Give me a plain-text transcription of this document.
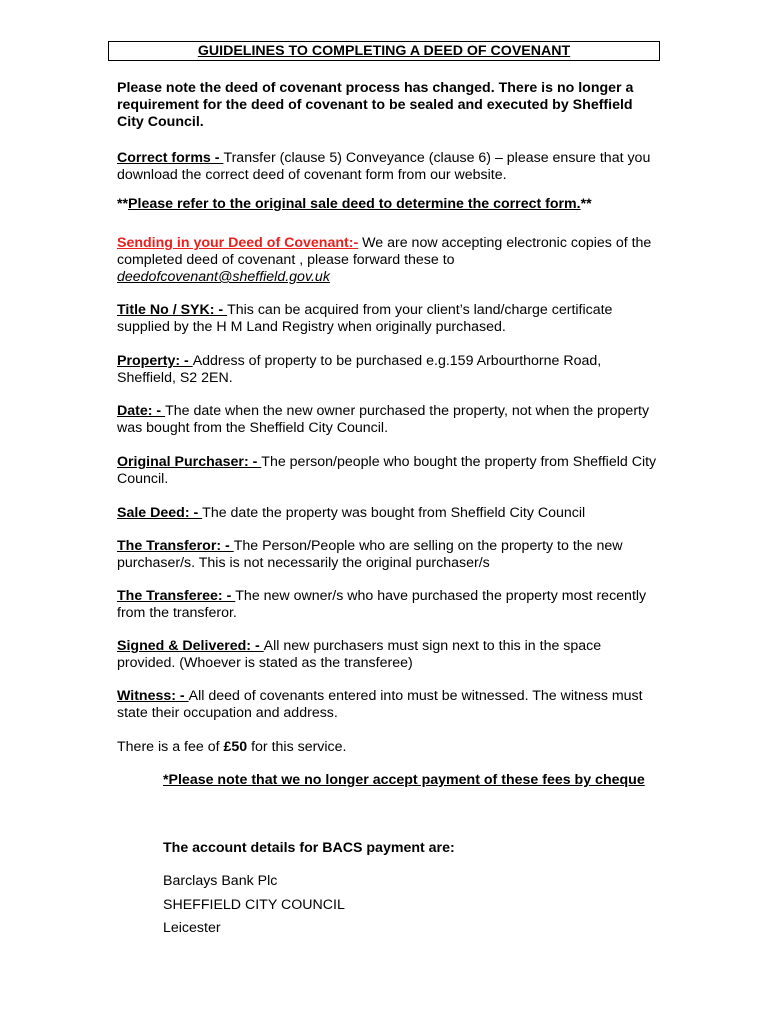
GUIDELINES TO COMPLETING A DEED OF COVENANT
Please note the deed of covenant process has changed. There is no longer a requirement for the deed of covenant to be sealed and executed by Sheffield City Council.
Correct forms - Transfer (clause 5) Conveyance (clause 6) – please ensure that you download the correct deed of covenant form from our website.
**Please refer to the original sale deed to determine the correct form.**
Sending in your Deed of Covenant:- We are now accepting electronic copies of the completed deed of covenant , please forward these to deedofcovenant@sheffield.gov.uk
Title No / SYK: - This can be acquired from your client’s land/charge certificate supplied by the H M Land Registry when originally purchased.
Property: - Address of property to be purchased e.g.159 Arbourthorne Road, Sheffield, S2 2EN.
Date: - The date when the new owner purchased the property, not when the property was bought from the Sheffield City Council.
Original Purchaser: - The person/people who bought the property from Sheffield City Council.
Sale Deed: - The date the property was bought from Sheffield City Council
The Transferor: - The Person/People who are selling on the property to the new purchaser/s. This is not necessarily the original purchaser/s
The Transferee: - The new owner/s who have purchased the property most recently from the transferor.
Signed & Delivered: - All new purchasers must sign next to this in the space provided. (Whoever is stated as the transferee)
Witness: - All deed of covenants entered into must be witnessed. The witness must state their occupation and address.
There is a fee of £50 for this service.
*Please note that we no longer accept payment of these fees by cheque
The account details for BACS payment are:
Barclays Bank Plc
SHEFFIELD CITY COUNCIL
Leicester
